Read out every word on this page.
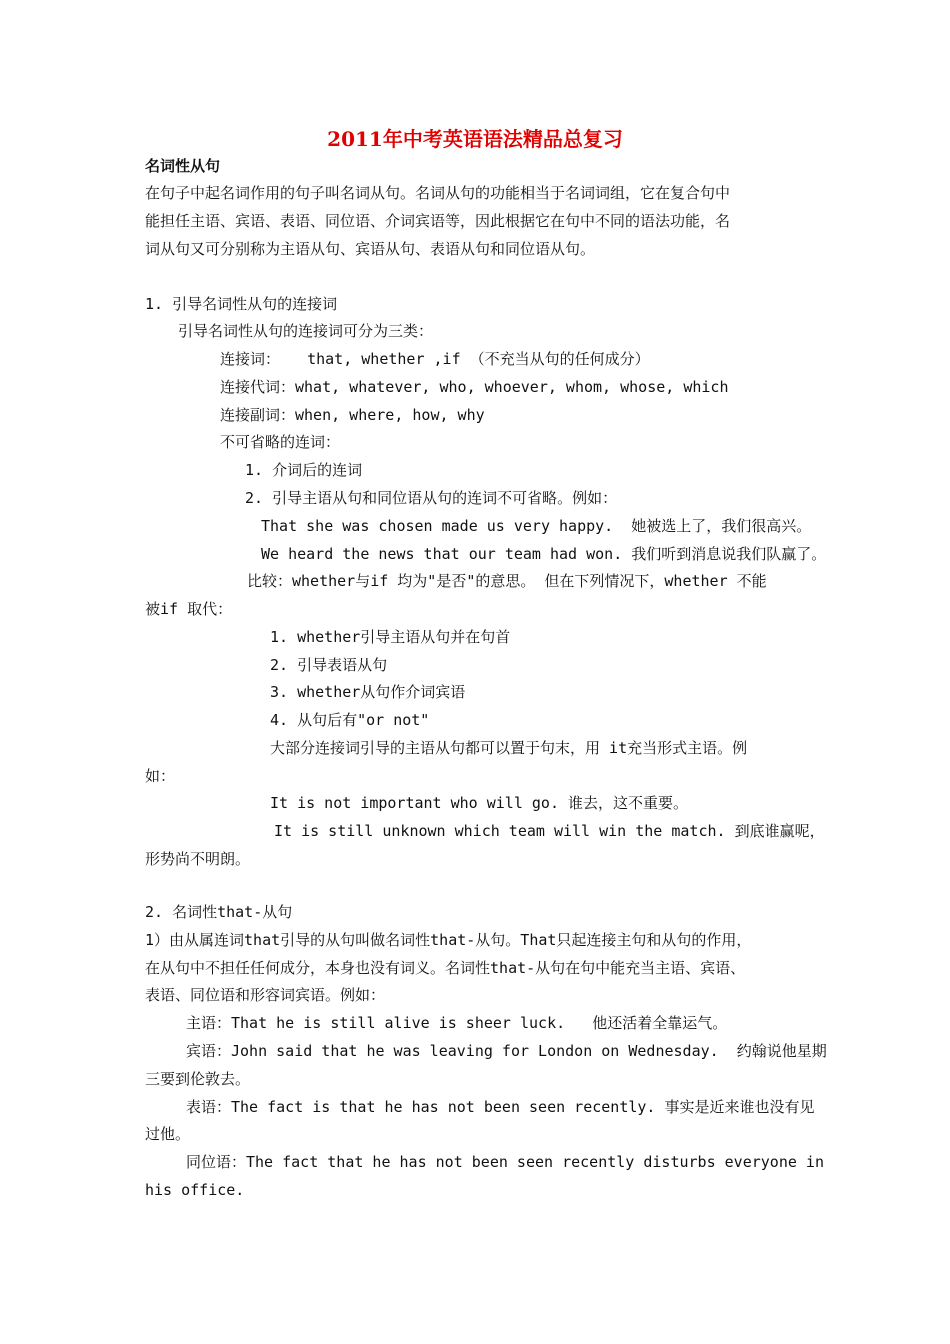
2011年中考英语语法精品总复习
名词性从句
在句子中起名词作用的句子叫名词从句。名词从句的功能相当于名词词组，它在复合句中
能担任主语、宾语、表语、同位语、介词宾语等，因此根据它在句中不同的语法功能，名
词从句又可分别称为主语从句、宾语从句、表语从句和同位语从句。
1. 引导名词性从句的连接词
引导名词性从句的连接词可分为三类：
连接词：   that, whether ,if （不充当从句的任何成分）
连接代词：what, whatever, who, whoever, whom, whose, which
连接副词：when, where, how, why
不可省略的连词：
1. 介词后的连词
2. 引导主语从句和同位语从句的连词不可省略。例如：
That she was chosen made us very happy.  她被选上了，我们很高兴。
We heard the news that our team had won. 我们听到消息说我们队赢了。
比较：whether与if 均为"是否"的意思。 但在下列情况下，whether 不能
被if 取代：
1. whether引导主语从句并在句首
2. 引导表语从句
3. whether从句作介词宾语
4. 从句后有"or not"
大部分连接词引导的主语从句都可以置于句末，用 it充当形式主语。例
如：
It is not important who will go. 谁去，这不重要。
It is still unknown which team will win the match. 到底谁赢呢，
形势尚不明朗。
2. 名词性that-从句
1）由从属连词that引导的从句叫做名词性that-从句。That只起连接主句和从句的作用，
在从句中不担任任何成分，本身也没有词义。名词性that-从句在句中能充当主语、宾语、
表语、同位语和形容词宾语。例如：
主语：That he is still alive is sheer luck.   他还活着全靠运气。
宾语：John said that he was leaving for London on Wednesday.  约翰说他星期
三要到伦敦去。
表语：The fact is that he has not been seen recently. 事实是近来谁也没有见
过他。
同位语：The fact that he has not been seen recently disturbs everyone in
his office.
